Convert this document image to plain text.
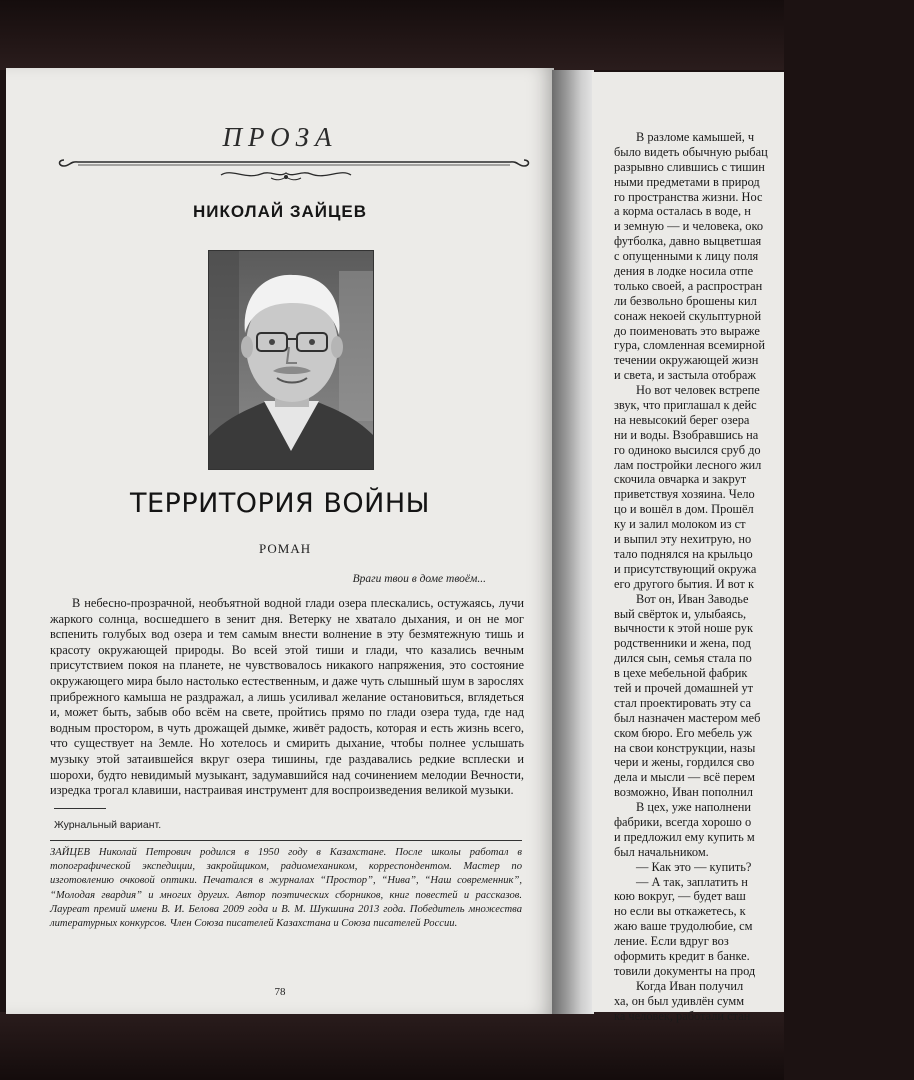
ПРОЗА
НИКОЛАЙ ЗАЙЦЕВ
ТЕРРИТОРИЯ ВОЙНЫ
РОМАН
Враги твои в доме твоём...

В небесно-прозрачной, необъятной водной глади озера плескались, остужаясь, лучи жаркого солнца, восшедшего в зенит дня. Ветерку не хватало дыхания, и он не мог вспенить голубых вод озера и тем самым внести волнение в эту безмятежную тишь и красоту окружающей природы. Во всей этой тиши и глади, что казались вечным присутствием покоя на планете, не чувствовалось никакого напряжения, это состояние окружающего мира было настолько естественным, и даже чуть слышный шум в зарослях прибрежного камыша не раздражал, а лишь усиливал желание остановиться, вглядеться и, может быть, забыв обо всём на свете, пройтись прямо по глади озера туда, где над водным простором, в чуть дрожащей дымке, живёт радость, которая и есть жизнь всего, что существует на Земле. Но хотелось и смирить дыхание, чтобы полнее услышать музыку этой затаившейся вкруг озера тишины, где раздавались редкие всплески и шорохи, будто невидимый музыкант, задумавшийся над сочинением мелодии Вечности, изредка трогал клавиши, настраивая инструмент для воспроизведения великой музыки.

Журнальный вариант.

ЗАЙЦЕВ Николай Петрович родился в 1950 году в Казахстане. После школы работал в топографической экспедиции, закройщиком, радиомехаником, корреспондентом. Мастер по изготовлению очковой оптики. Печатался в журналах “Простор”, “Нива”, “Наш современник”, “Молодая гвардия” и многих других. Автор поэтических сборников, книг повестей и рассказов. Лауреат премий имени В. И. Белова 2009 года и В. М. Шукшина 2013 года. Победитель множества литературных конкурсов. Член Союза писателей Казахстана и Союза писателей России.

78
В разломе камышей, ч
было видеть обычную рыбац
разрывно слившись с тишин
ными предметами в природ
го пространства жизни. Нос
а корма осталась в воде, н
и земную — и человека, око
футболка, давно выцветшая
с опущенными к лицу поля
дения в лодке носила отпе
только своей, а распростран
ли безвольно брошены кил
сонаж некоей скульптурной
до поименовать это выраже
гура, сломленная всемирной
течении окружающей жизн
и света, и застыла отображ
Но вот человек встрепе
звук, что приглашал к дейс
на невысокий берег озера
ни и воды. Взобравшись на
го одиноко высился сруб до
лам постройки лесного жил
скочила овчарка и закрут
приветствуя хозяина. Чело
цо и вошёл в дом. Прошёл
ку и залил молоком из ст
и выпил эту нехитрую, но
тало поднялся на крыльцо
и присутствующий окружа
его другого бытия. И вот к
Вот он, Иван Заводье
вый свёрток и, улыбаясь,
вычности к этой ноше рук
родственники и жена, под
дился сын, семья стала по
в цехе мебельной фабрик
тей и прочей домашней ут
стал проектировать эту са
был назначен мастером меб
ском бюро. Его мебель уж
на свои конструкции, назы
чери и жены, гордился сво
дела и мысли — всё перем
возможно, Иван пополнил
В цех, уже наполнени
фабрики, всегда хорошо о
и предложил ему купить м
был начальником.
— Как это — купить?
— А так, заплатить н
кою вокруг, — будет ваш
но если вы откажетесь, к
жаю ваше трудолюбие, см
ление. Если вдруг воз
оформить кредит в банке.
товили документы на прод
Когда Иван получил
ха, он был удивлён сумм
ка человек, работали стан
